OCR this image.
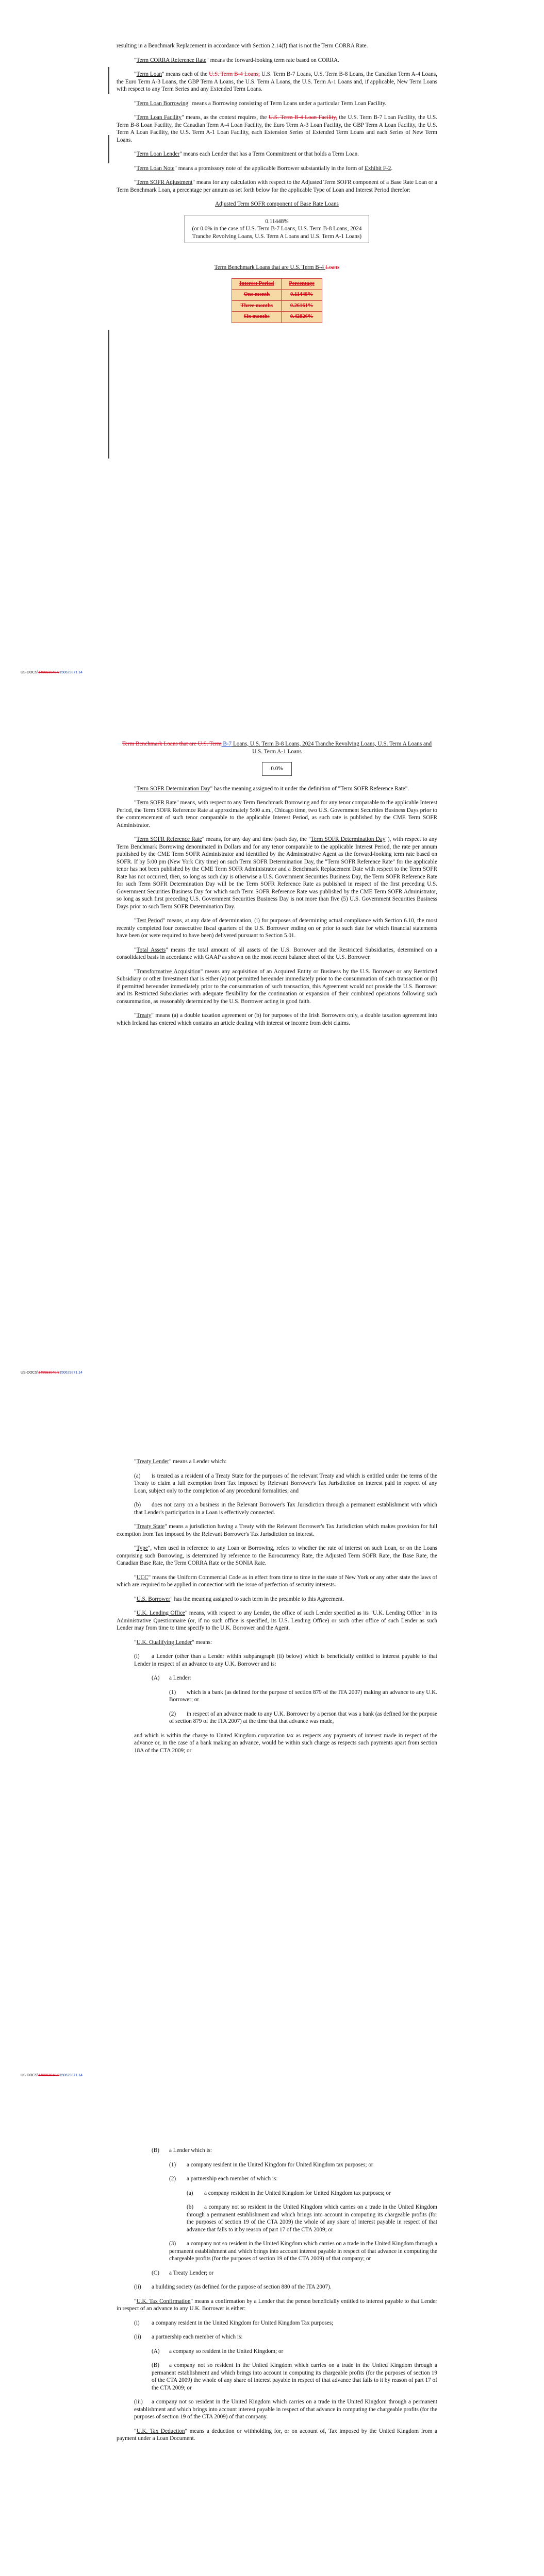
resulting in a Benchmark Replacement in accordance with Section 2.14(f) that is not the Term CORRA Rate.

"Term CORRA Reference Rate" means the forward-looking term rate based on CORRA.

"Term Loan" means each of the U.S. Term B-4 Loans, U.S. Term B-7 Loans, U.S. Term B-8 Loans, the Canadian Term A-4 Loans, the Euro Term A-3 Loans, the GBP Term A Loans, the U.S. Term A Loans, the U.S. Term A-1 Loans and, if applicable, New Term Loans with respect to any Term Series and any Extended Term Loans.

"Term Loan Borrowing" means a Borrowing consisting of Term Loans under a particular Term Loan Facility.

"Term Loan Facility" means, as the context requires, the U.S. Term B-4 Loan Facility, the U.S. Term B-7 Loan Facility, the U.S. Term B-8 Loan Facility, the Canadian Term A-4 Loan Facility, the Euro Term A-3 Loan Facility, the GBP Term A Loan Facility, the U.S. Term A Loan Facility, the U.S. Term A-1 Loan Facility, each Extension Series of Extended Term Loans and each Series of New Term Loans.

"Term Loan Lender" means each Lender that has a Term Commitment or that holds a Term Loan.

"Term Loan Note" means a promissory note of the applicable Borrower substantially in the form of Exhibit F-2.

"Term SOFR Adjustment" means for any calculation with respect to the Adjusted Term SOFR component of a Base Rate Loan or a Term Benchmark Loan, a percentage per annum as set forth below for the applicable Type of Loan and Interest Period therefor:

Adjusted Term SOFR component of Base Rate Loans

0.11448%
(or 0.0% in the case of U.S. Term B-7 Loans, U.S. Term B-8 Loans, 2024 Tranche Revolving Loans, U.S. Term A Loans and U.S. Term A-1 Loans)

Term Benchmark Loans that are U.S. Term B-4 Loans

Interest Period	Percentage
One month	0.11448%
Three months	0.26161%
Six months	0.42826%
US-DOCS\145593040.9150629871.14

Term Benchmark Loans that are U.S. Term B-7 Loans, U.S. Term B-8 Loans, 2024 Tranche Revolving Loans, U.S. Term A Loans and U.S. Term A-1 Loans

0.0%

"Term SOFR Determination Day" has the meaning assigned to it under the definition of "Term SOFR Reference Rate".

"Term SOFR Rate" means, with respect to any Term Benchmark Borrowing and for any tenor comparable to the applicable Interest Period, the Term SOFR Reference Rate at approximately 5:00 a.m., Chicago time, two U.S. Government Securities Business Days prior to the commencement of such tenor comparable to the applicable Interest Period, as such rate is published by the CME Term SOFR Administrator.

"Term SOFR Reference Rate" means, for any day and time (such day, the "Term SOFR Determination Day"), with respect to any Term Benchmark Borrowing denominated in Dollars and for any tenor comparable to the applicable Interest Period, the rate per annum published by the CME Term SOFR Administrator and identified by the Administrative Agent as the forward-looking term rate based on SOFR. If by 5:00 pm (New York City time) on such Term SOFR Determination Day, the "Term SOFR Reference Rate" for the applicable tenor has not been published by the CME Term SOFR Administrator and a Benchmark Replacement Date with respect to the Term SOFR Rate has not occurred, then, so long as such day is otherwise a U.S. Government Securities Business Day, the Term SOFR Reference Rate for such Term SOFR Determination Day will be the Term SOFR Reference Rate as published in respect of the first preceding U.S. Government Securities Business Day for which such Term SOFR Reference Rate was published by the CME Term SOFR Administrator, so long as such first preceding U.S. Government Securities Business Day is not more than five (5) U.S. Government Securities Business Days prior to such Term SOFR Determination Day.

"Test Period" means, at any date of determination, (i) for purposes of determining actual compliance with Section 6.10, the most recently completed four consecutive fiscal quarters of the U.S. Borrower ending on or prior to such date for which financial statements have been (or were required to have been) delivered pursuant to Section 5.01.

"Total Assets" means the total amount of all assets of the U.S. Borrower and the Restricted Subsidiaries, determined on a consolidated basis in accordance with GAAP as shown on the most recent balance sheet of the U.S. Borrower.

"Transformative Acquisition" means any acquisition of an Acquired Entity or Business by the U.S. Borrower or any Restricted Subsidiary or other Investment that is either (a) not permitted hereunder immediately prior to the consummation of such transaction or (b) if permitted hereunder immediately prior to the consummation of such transaction, this Agreement would not provide the U.S. Borrower and its Restricted Subsidiaries with adequate flexibility for the continuation or expansion of their combined operations following such consummation, as reasonably determined by the U.S. Borrower acting in good faith.

"Treaty" means (a) a double taxation agreement or (b) for purposes of the Irish Borrowers only, a double taxation agreement into which Ireland has entered which contains an article dealing with interest or income from debt claims.

US-DOCS\145593040.9150629871.14

"Treaty Lender" means a Lender which:

(a) is treated as a resident of a Treaty State for the purposes of the relevant Treaty and which is entitled under the terms of the Treaty to claim a full exemption from Tax imposed by Relevant Borrower's Tax Jurisdiction on interest paid in respect of any Loan, subject only to the completion of any procedural formalities; and

(b) does not carry on a business in the Relevant Borrower's Tax Jurisdiction through a permanent establishment with which that Lender's participation in a Loan is effectively connected.

"Treaty State" means a jurisdiction having a Treaty with the Relevant Borrower's Tax Jurisdiction which makes provision for full exemption from Tax imposed by the Relevant Borrower's Tax Jurisdiction on interest.

"Type", when used in reference to any Loan or Borrowing, refers to whether the rate of interest on such Loan, or on the Loans comprising such Borrowing, is determined by reference to the Eurocurrency Rate, the Adjusted Term SOFR Rate, the Base Rate, the Canadian Base Rate, the Term CORRA Rate or the SONIA Rate.

"UCC" means the Uniform Commercial Code as in effect from time to time in the state of New York or any other state the laws of which are required to be applied in connection with the issue of perfection of security interests.

"U.S. Borrower" has the meaning assigned to such term in the preamble to this Agreement.

"U.K. Lending Office" means, with respect to any Lender, the office of such Lender specified as its "U.K. Lending Office" in its Administrative Questionnaire (or, if no such office is specified, its U.S. Lending Office) or such other office of such Lender as such Lender may from time to time specify to the U.K. Borrower and the Agent.

"U.K. Qualifying Lender" means:

(i) a Lender (other than a Lender within subparagraph (ii) below) which is beneficially entitled to interest payable to that Lender in respect of an advance to any U.K. Borrower and is:

(A) a Lender:

(1) which is a bank (as defined for the purpose of section 879 of the ITA 2007) making an advance to any U.K. Borrower; or

(2) in respect of an advance made to any U.K. Borrower by a person that was a bank (as defined for the purpose of section 879 of the ITA 2007) at the time that that advance was made,

and which is within the charge to United Kingdom corporation tax as respects any payments of interest made in respect of the advance or, in the case of a bank making an advance, would be within such charge as respects such payments apart from section 18A of the CTA 2009; or

US-DOCS\145593040.9150629871.14

(B) a Lender which is:

(1) a company resident in the United Kingdom for United Kingdom tax purposes; or

(2) a partnership each member of which is:

(a) a company resident in the United Kingdom for United Kingdom tax purposes; or

(b) a company not so resident in the United Kingdom which carries on a trade in the United Kingdom through a permanent establishment and which brings into account in computing its chargeable profits (for the purposes of section 19 of the CTA 2009) the whole of any share of interest payable in respect of that advance that falls to it by reason of part 17 of the CTA 2009; or

(3) a company not so resident in the United Kingdom which carries on a trade in the United Kingdom through a permanent establishment and which brings into account interest payable in respect of that advance in computing the chargeable profits (for the purposes of section 19 of the CTA 2009) of that company; or

(C) a Treaty Lender; or

(ii) a building society (as defined for the purpose of section 880 of the ITA 2007).

"U.K. Tax Confirmation" means a confirmation by a Lender that the person beneficially entitled to interest payable to that Lender in respect of an advance to any U.K. Borrower is either:

(i) a company resident in the United Kingdom for United Kingdom Tax purposes;

(ii) a partnership each member of which is:

(A) a company so resident in the United Kingdom; or

(B) a company not so resident in the United Kingdom which carries on a trade in the United Kingdom through a permanent establishment and which brings into account in computing its chargeable profits (for the purposes of section 19 of the CTA 2009) the whole of any share of interest payable in respect of that advance that falls to it by reason of part 17 of the CTA 2009; or

(iii) a company not so resident in the United Kingdom which carries on a trade in the United Kingdom through a permanent establishment and which brings into account interest payable in respect of that advance in computing the chargeable profits (for the purposes of section 19 of the CTA 2009) of that company.

"U.K. Tax Deduction" means a deduction or withholding for, or on account of, Tax imposed by the United Kingdom from a payment under a Loan Document.
